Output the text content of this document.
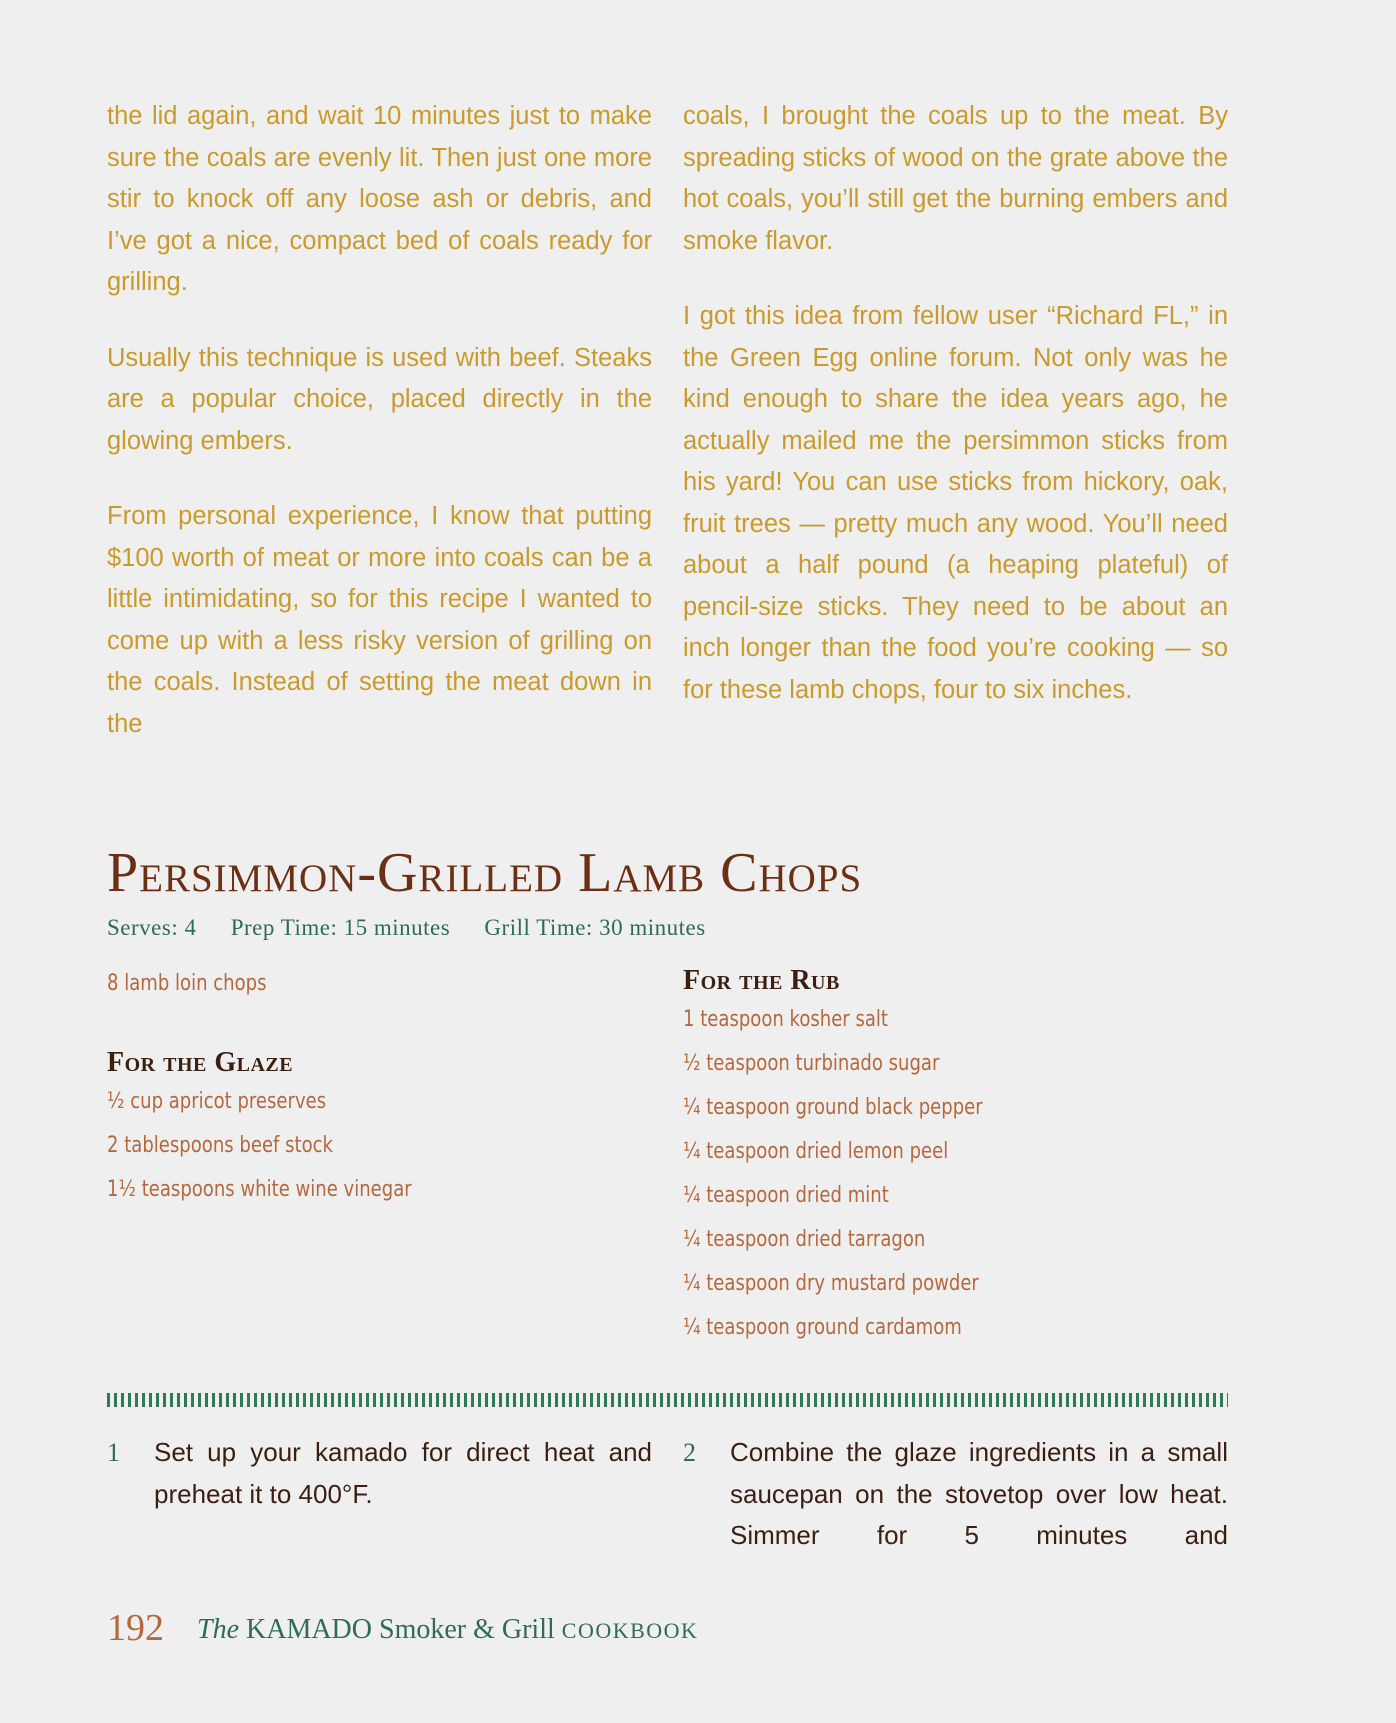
the lid again, and wait 10 minutes just to make sure the coals are evenly lit. Then just one more stir to knock off any loose ash or debris, and I’ve got a nice, compact bed of coals ready for grilling.

Usually this technique is used with beef. Steaks are a popular choice, placed directly in the glowing embers.

From personal experience, I know that putting $100 worth of meat or more into coals can be a little intimidating, so for this recipe I wanted to come up with a less risky version of grilling on the coals. Instead of setting the meat down in the

coals, I brought the coals up to the meat. By spreading sticks of wood on the grate above the hot coals, you’ll still get the burning embers and smoke flavor.

I got this idea from fellow user “Richard FL,” in the Green Egg online forum. Not only was he kind enough to share the idea years ago, he actually mailed me the persimmon sticks from his yard! You can use sticks from hickory, oak, fruit trees — pretty much any wood. You’ll need about a half pound (a heaping plateful) of pencil-size sticks. They need to be about an inch longer than the food you’re cooking — so for these lamb chops, four to six inches.

Persimmon-Grilled Lamb Chops
Serves: 4 Prep Time: 15 minutes Grill Time: 30 minutes
8 lamb loin chops
For the Glaze
½ cup apricot preserves
2 tablespoons beef stock
1½ teaspoons white wine vinegar
For the Rub
1 teaspoon kosher salt
½ teaspoon turbinado sugar
¼ teaspoon ground black pepper
¼ teaspoon dried lemon peel
¼ teaspoon dried mint
¼ teaspoon dried tarragon
¼ teaspoon dry mustard powder
¼ teaspoon ground cardamom
1 Set up your kamado for direct heat and preheat it to 400°F.
2 Combine the glaze ingredients in a small saucepan on the stovetop over low heat. Simmer for 5 minutes and
192 The KAMADO Smoker & Grill COOKBOOK
